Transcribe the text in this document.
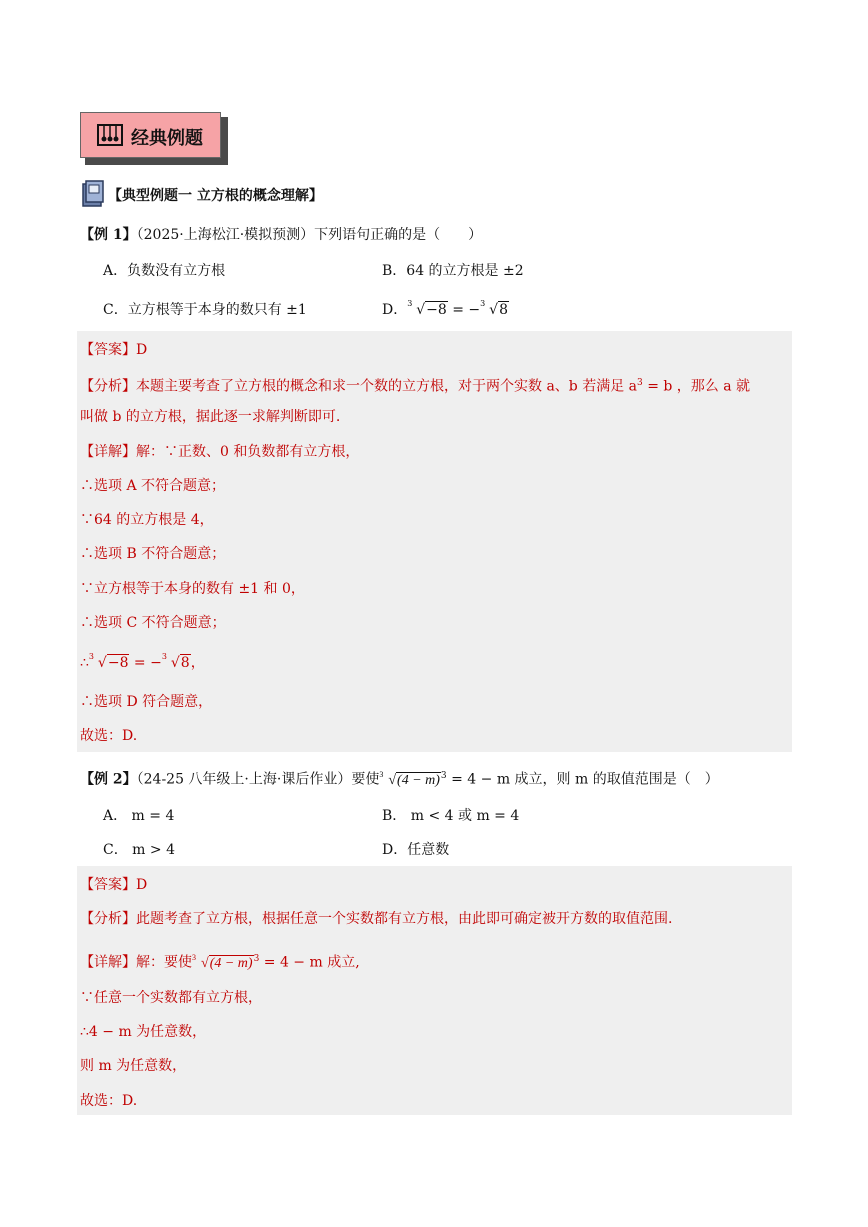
经典例题
【典型例题一 立方根的概念理解】
【例 1】（2025·上海松江·模拟预测）下列语句正确的是（　　）
A．负数没有立方根	B．64 的立方根是 ±2
C．立方根等于本身的数只有 ±1	D． 3 √−8 = − 3 √8
【答案】D
【分析】本题主要考查了立方根的概念和求一个数的立方根，对于两个实数 a、b 若满足 $a^3 = b$ ，那么 a 就
叫做 b 的立方根，据此逐一求解判断即可.
【详解】解：∵正数、0 和负数都有立方根，
∴选项 A 不符合题意；
∵64 的立方根是 4，
∴选项 B 不符合题意；
∵立方根等于本身的数有 ±1 和 0，
∴选项 C 不符合题意；
∴ 3 √−8 = − 3 √8，
∴选项 D 符合题意，
故选：D.
【例 2】（24-25 八年级上·上海·课后作业）要使 3 $√(4 - m)^3 = 4 - m$ 成立，则 m 的取值范围是（　）
A． m = 4	B． m < 4 或 m = 4
C． m > 4	D．任意数
【答案】D
【分析】此题考查了立方根，根据任意一个实数都有立方根，由此即可确定被开方数的取值范围.
【详解】解：要使 3 $√(4 - m)^3 = 4 - m$ 成立,
∵任意一个实数都有立方根，
∴4 − m 为任意数，
则 m 为任意数，
故选：D.
